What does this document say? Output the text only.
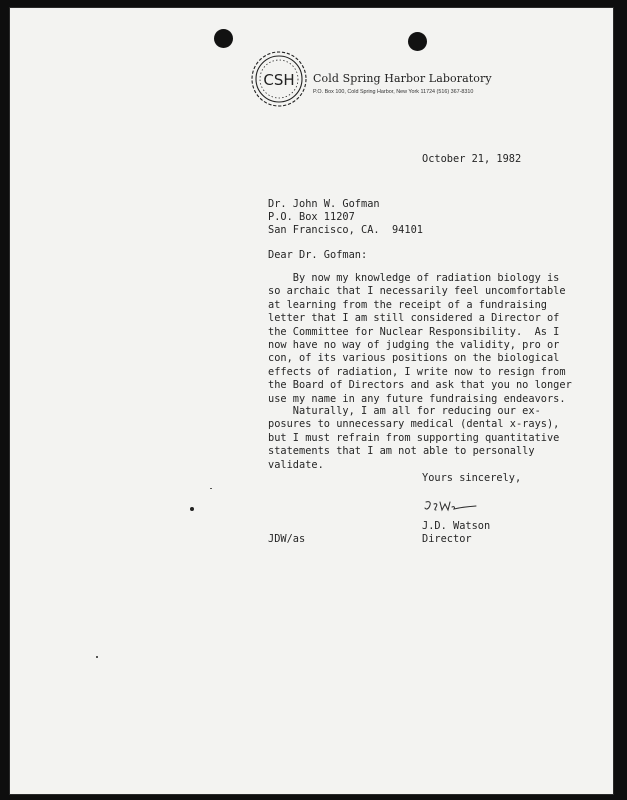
CSH Cold Spring Harbor Laboratory
P.O. Box 100, Cold Spring Harbor, New York 11724 (516) 367-8310
October 21, 1982
Dr. John W. Gofman
P.O. Box 11207
San Francisco, CA.  94101
Dear Dr. Gofman:
By now my knowledge of radiation biology is
so archaic that I necessarily feel uncomfortable
at learning from the receipt of a fundraising
letter that I am still considered a Director of
the Committee for Nuclear Responsibility.  As I
now have no way of judging the validity, pro or
con, of its various positions on the biological
effects of radiation, I write now to resign from
the Board of Directors and ask that you no longer
use my name in any future fundraising endeavors.
Naturally, I am all for reducing our ex-
posures to unnecessary medical (dental x-rays),
but I must refrain from supporting quantitative
statements that I am not able to personally
validate.
Yours sincerely,
J.D. Watson
Director
JDW/as
